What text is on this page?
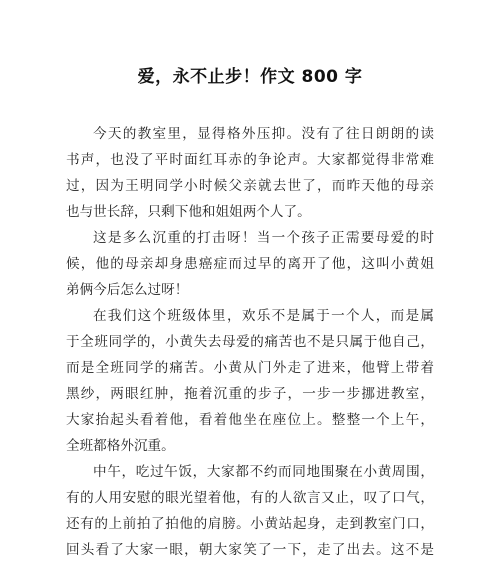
爱，永不止步！作文 800 字

今天的教室里，显得格外压抑。没有了往日朗朗的读
书声，也没了平时面红耳赤的争论声。大家都觉得非常难
过，因为王明同学小时候父亲就去世了，而昨天他的母亲
也与世长辞，只剩下他和姐姐两个人了。

这是多么沉重的打击呀！当一个孩子正需要母爱的时
候，他的母亲却身患癌症而过早的离开了他，这叫小黄姐
弟俩今后怎么过呀！

在我们这个班级体里，欢乐不是属于一个人，而是属
于全班同学的，小黄失去母爱的痛苦也不是只属于他自己，
而是全班同学的痛苦。小黄从门外走了进来，他臂上带着
黑纱，两眼红肿，拖着沉重的步子，一步一步挪进教室，
大家抬起头看着他，看着他坐在座位上。整整一个上午，
全班都格外沉重。

中午，吃过午饭，大家都不约而同地围聚在小黄周围，
有的人用安慰的眼光望着他，有的人欲言又止，叹了口气，
还有的上前拍了拍他的肩膀。小黄站起身，走到教室门口，
回头看了大家一眼，朝大家笑了一下，走了出去。这不是
